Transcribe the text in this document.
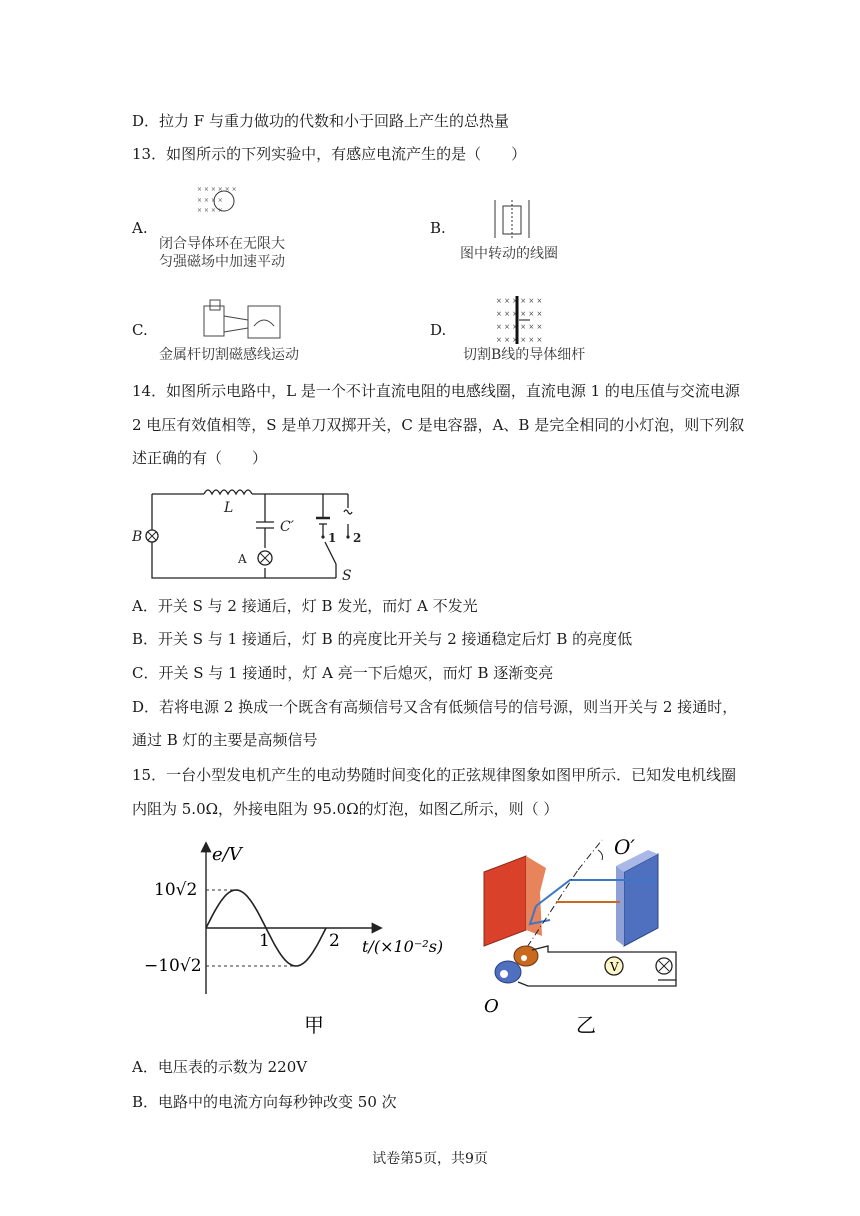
D．拉力 F 与重力做功的代数和小于回路上产生的总热量
13．如图所示的下列实验中，有感应电流产生的是（　　）
A.
× × × × × ×
× × × ×
× × × ×
闭合导体环在无限大
匀强磁场中加速平动
B.
图中转动的线圈
C.
金属杆切割磁感线运动
D.
× × × × × ×
× × × × × ×
× × × × × ×
× × × × × ×
切割B线的导体细杆
14．如图所示电路中，L 是一个不计直流电阻的电感线圈，直流电源 1 的电压值与交流电源
2 电压有效值相等，S 是单刀双掷开关，C 是电容器，A、B 是完全相同的小灯泡，则下列叙
述正确的有（　　）
B
L
C′
S
A
1 2
A．开关 S 与 2 接通后，灯 B 发光，而灯 A 不发光
B．开关 S 与 1 接通后，灯 B 的亮度比开关与 2 接通稳定后灯 B 的亮度低
C．开关 S 与 1 接通时，灯 A 亮一下后熄灭，而灯 B 逐渐变亮
D．若将电源 2 换成一个既含有高频信号又含有低频信号的信号源，则当开关与 2 接通时，
通过 B 灯的主要是高频信号
15．一台小型发电机产生的电动势随时间变化的正弦规律图象如图甲所示．已知发电机线圈
内阻为 5.0Ω，外接电阻为 95.0Ω的灯泡，如图乙所示，则（ ）
e/V
10√2
−10√2
1	2 t/(×10⁻²s)
甲
V
O′
O
乙
A．电压表的示数为 220V
B．电路中的电流方向每秒钟改变 50 次
试卷第5页，共9页
